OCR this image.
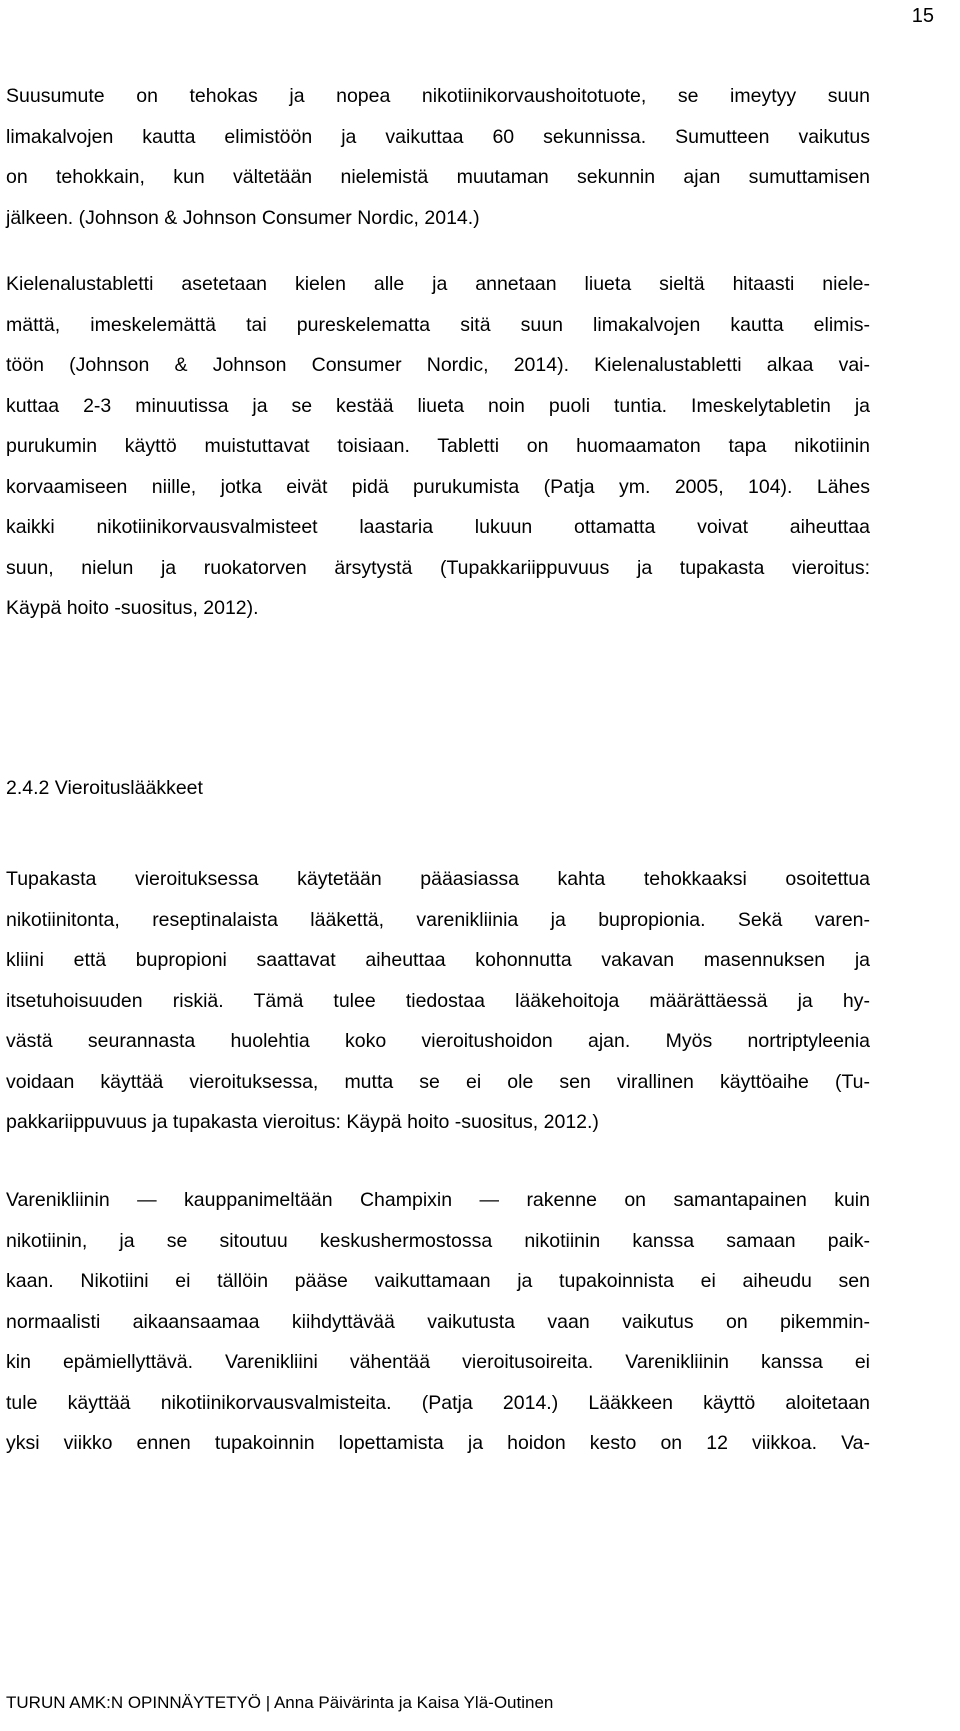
15
Suusumute on tehokas ja nopea nikotiinikorvaushoitotuote, se imeytyy suun
limakalvojen kautta elimistöön ja vaikuttaa 60 sekunnissa. Sumutteen vaikutus
on tehokkain, kun vältetään nielemistä muutaman sekunnin ajan sumuttamisen
jälkeen. (Johnson & Johnson Consumer Nordic, 2014.)
Kielenalustabletti asetetaan kielen alle ja annetaan liueta sieltä hitaasti niele-
mättä, imeskelemättä tai pureskelematta sitä suun limakalvojen kautta elimis-
töön (Johnson & Johnson Consumer Nordic, 2014). Kielenalustabletti alkaa vai-
kuttaa 2-3 minuutissa ja se kestää liueta noin puoli tuntia. Imeskelytabletin ja
purukumin käyttö muistuttavat toisiaan. Tabletti on huomaamaton tapa nikotiinin
korvaamiseen niille, jotka eivät pidä purukumista (Patja ym. 2005, 104). Lähes
kaikki nikotiinikorvausvalmisteet laastaria lukuun ottamatta voivat aiheuttaa
suun, nielun ja ruokatorven ärsytystä (Tupakkariippuvuus ja tupakasta vieroitus:
Käypä hoito -suositus, 2012).
2.4.2 Vieroituslääkkeet
Tupakasta vieroituksessa käytetään pääasiassa kahta tehokkaaksi osoitettua
nikotiinitonta, reseptinalaista lääkettä, varenikliinia ja bupropionia. Sekä varen-
kliini että bupropioni saattavat aiheuttaa kohonnutta vakavan masennuksen ja
itsetuhoisuuden riskiä. Tämä tulee tiedostaa lääkehoitoja määrättäessä ja hy-
västä seurannasta huolehtia koko vieroitushoidon ajan. Myös nortriptyleenia
voidaan käyttää vieroituksessa, mutta se ei ole sen virallinen käyttöaihe (Tu-
pakkariippuvuus ja tupakasta vieroitus: Käypä hoito -suositus, 2012.)
Varenikliinin — kauppanimeltään Champixin — rakenne on samantapainen kuin
nikotiinin, ja se sitoutuu keskushermostossa nikotiinin kanssa samaan paik-
kaan. Nikotiini ei tällöin pääse vaikuttamaan ja tupakoinnista ei aiheudu sen
normaalisti aikaansaamaa kiihdyttävää vaikutusta vaan vaikutus on pikemmin-
kin epämiellyttävä. Varenikliini vähentää vieroitusoireita. Varenikliinin kanssa ei
tule käyttää nikotiinikorvausvalmisteita. (Patja 2014.) Lääkkeen käyttö aloitetaan
yksi viikko ennen tupakoinnin lopettamista ja hoidon kesto on 12 viikkoa. Va-
TURUN AMK:N OPINNÄYTETYÖ | Anna Päivärinta ja Kaisa Ylä-Outinen
